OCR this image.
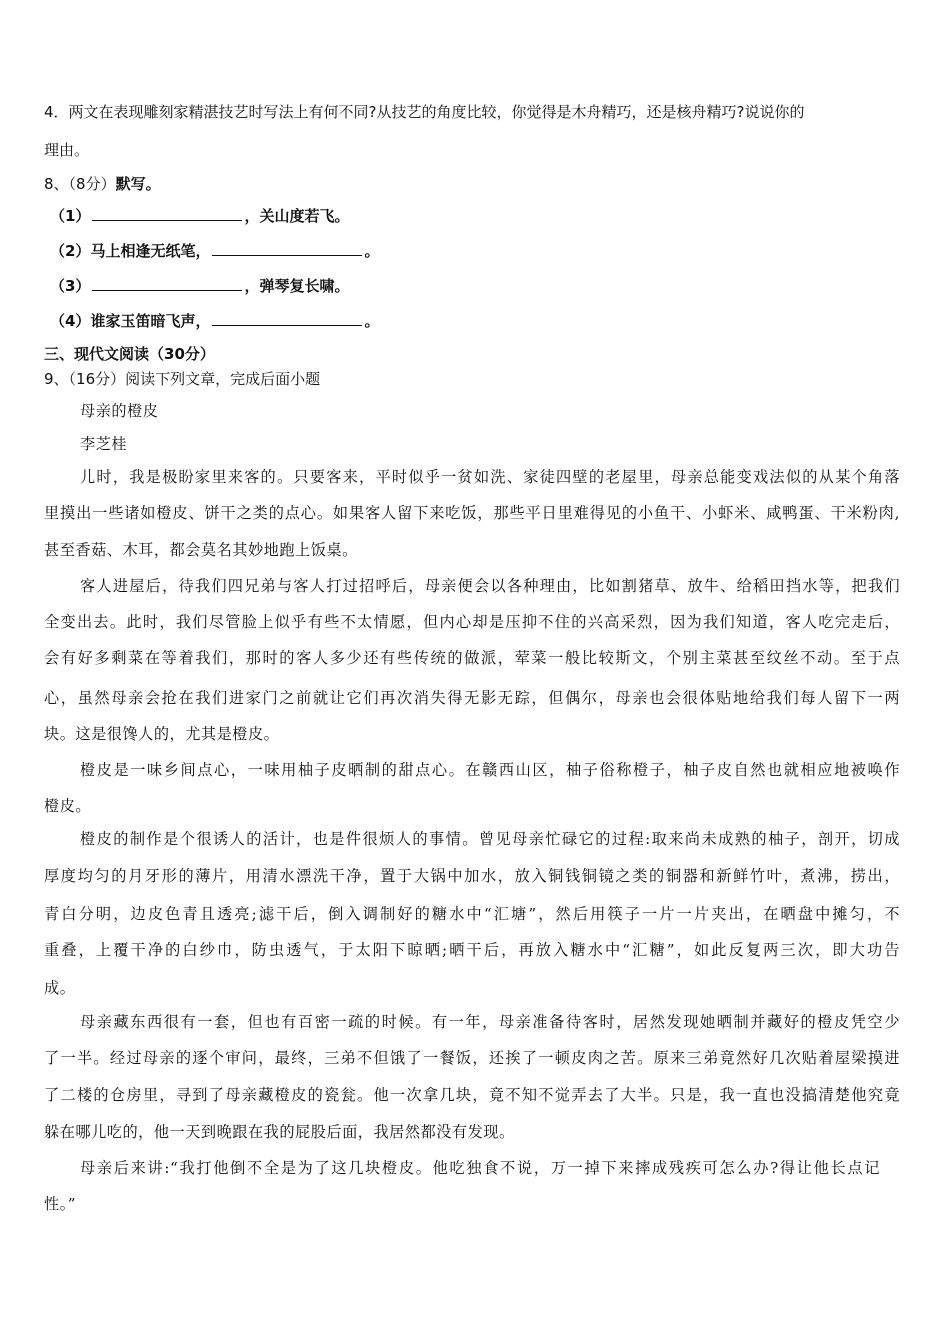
4．两文在表现雕刻家精湛技艺时写法上有何不同?从技艺的角度比较，你觉得是木舟精巧，还是核舟精巧?说说你的
理由。
8、（8分）默写。
（1）	，关山度若飞。
（2）马上相逢无纸笔，	。
（3）	，弹琴复长啸。
（4）谁家玉笛暗飞声，	。
三、现代文阅读（30分）
9、（16分）阅读下列文章，完成后面小题
母亲的橙皮
李芝桂
儿时，我是极盼家里来客的。只要客来，平时似乎一贫如洗、家徒四壁的老屋里，母亲总能变戏法似的从某个角落
里摸出一些诸如橙皮、饼干之类的点心。如果客人留下来吃饭，那些平日里难得见的小鱼干、小虾米、咸鸭蛋、干米粉肉,
甚至香菇、木耳，都会莫名其妙地跑上饭桌。
客人进屋后，待我们四兄弟与客人打过招呼后，母亲便会以各种理由，比如割猪草、放牛、给稻田挡水等，把我们
全变出去。此时，我们尽管脸上似乎有些不太情愿，但内心却是压抑不住的兴高采烈，因为我们知道，客人吃完走后，
会有好多剩菜在等着我们，那时的客人多少还有些传统的做派，荤菜一般比较斯文，个别主菜甚至纹丝不动。至于点
心，虽然母亲会抢在我们进家门之前就让它们再次消失得无影无踪，但偶尔，母亲也会很体贴地给我们每人留下一两
块。这是很馋人的，尤其是橙皮。
橙皮是一味乡间点心，一味用柚子皮晒制的甜点心。在赣西山区，柚子俗称橙子，柚子皮自然也就相应地被唤作
橙皮。
橙皮的制作是个很诱人的活计，也是件很烦人的事情。曾见母亲忙碌它的过程:取来尚未成熟的柚子，剖开，切成
厚度均匀的月牙形的薄片，用清水漂洗干净，置于大锅中加水，放入铜钱铜镜之类的铜器和新鲜竹叶，煮沸，捞出，
青白分明，边皮色青且透亮;滤干后，倒入调制好的糖水中“汇塘”，然后用筷子一片一片夹出，在晒盘中摊匀，不
重叠，上覆干净的白纱巾，防虫透气，于太阳下晾晒;晒干后，再放入糖水中“汇糖”，如此反复两三次，即大功告
成。
母亲藏东西很有一套，但也有百密一疏的时候。有一年，母亲准备待客时，居然发现她晒制并藏好的橙皮凭空少
了一半。经过母亲的逐个审问，最终，三弟不但饿了一餐饭，还挨了一顿皮肉之苦。原来三弟竟然好几次贴着屋梁摸进
了二楼的仓房里，寻到了母亲藏橙皮的瓷瓮。他一次拿几块，竟不知不觉弄去了大半。只是，我一直也没搞清楚他究竟
躲在哪儿吃的，他一天到晚跟在我的屁股后面，我居然都没有发现。
母亲后来讲:“我打他倒不全是为了这几块橙皮。他吃独食不说，万一掉下来摔成残疾可怎么办?得让他长点记
性。”
